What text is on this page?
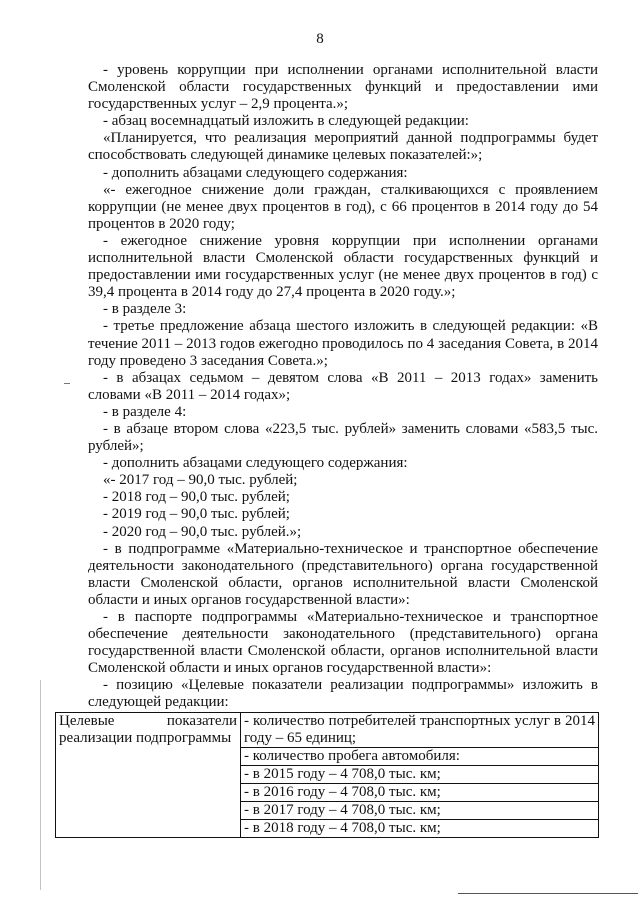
8

- уровень коррупции при исполнении органами исполнительной власти Смоленской области государственных функций и предоставлении ими государственных услуг – 2,9 процента.»;

- абзац восемнадцатый изложить в следующей редакции:

«Планируется, что реализация мероприятий данной подпрограммы будет способствовать следующей динамике целевых показателей:»;

- дополнить абзацами следующего содержания:

«- ежегодное снижение доли граждан, сталкивающихся с проявлением коррупции (не менее двух процентов в год), с 66 процентов в 2014 году до 54 процентов в 2020 году;

- ежегодное снижение уровня коррупции при исполнении органами исполнительной власти Смоленской области государственных функций и предоставлении ими государственных услуг (не менее двух процентов в год) с 39,4 процента в 2014 году до 27,4 процента в 2020 году.»;

- в разделе 3:

- третье предложение абзаца шестого изложить в следующей редакции: «В течение 2011 – 2013 годов ежегодно проводилось по 4 заседания Совета, в 2014 году проведено 3 заседания Совета.»;

- в абзацах седьмом – девятом слова «В 2011 – 2013 годах» заменить словами «В 2011 – 2014 годах»;

- в разделе 4:

- в абзаце втором слова «223,5 тыс. рублей» заменить словами «583,5 тыс. рублей»;

- дополнить абзацами следующего содержания:

«- 2017 год – 90,0 тыс. рублей;

- 2018 год – 90,0 тыс. рублей;

- 2019 год – 90,0 тыс. рублей;

- 2020 год – 90,0 тыс. рублей.»;

- в подпрограмме «Материально-техническое и транспортное обеспечение деятельности законодательного (представительного) органа государственной власти Смоленской области, органов исполнительной власти Смоленской области и иных органов государственной власти»:

- в паспорте подпрограммы «Материально-техническое и транспортное обеспечение деятельности законодательного (представительного) органа государственной власти Смоленской области, органов исполнительной власти Смоленской области и иных органов государственной власти»:

- позицию «Целевые показатели реализации подпрограммы» изложить в следующей редакции:

Целевые показатели реализации подпрограммы	- количество потребителей транспортных услуг в 2014 году – 65 единиц;
- количество пробега автомобиля:
- в 2015 году – 4 708,0 тыс. км;
- в 2016 году – 4 708,0 тыс. км;
- в 2017 году – 4 708,0 тыс. км;
- в 2018 году – 4 708,0 тыс. км;
